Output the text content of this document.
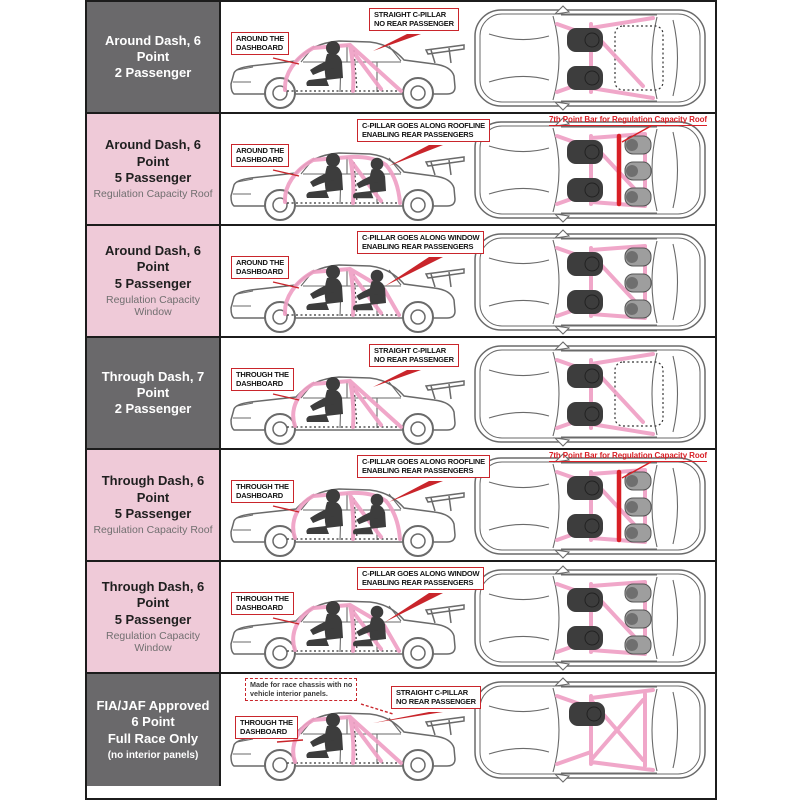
Around Dash, 6 Point
2 Passenger
AROUND THE
DASHBOARD
STRAIGHT C-PILLAR
NO REAR PASSENGER
Around Dash, 6 Point
5 Passenger
Regulation Capacity Roof
AROUND THE
DASHBOARD
C-PILLAR GOES ALONG ROOFLINE
ENABLING REAR PASSENGERS
7th Point Bar for Regulation Capacity Roof
Around Dash, 6 Point
5 Passenger
Regulation Capacity Window
AROUND THE
DASHBOARD
C-PILLAR GOES ALONG WINDOW
ENABLING REAR PASSENGERS
Through Dash, 7 Point
2 Passenger
THROUGH THE
DASHBOARD
STRAIGHT C-PILLAR
NO REAR PASSENGER
Through Dash, 6 Point
5 Passenger
Regulation Capacity Roof
THROUGH THE
DASHBOARD
C-PILLAR GOES ALONG ROOFLINE
ENABLING REAR PASSENGERS
7th Point Bar for Regulation Capacity Roof
Through Dash, 6 Point
5 Passenger
Regulation Capacity Window
THROUGH THE
DASHBOARD
C-PILLAR GOES ALONG WINDOW
ENABLING REAR PASSENGERS
FIA/JAF Approved
6 Point
Full Race Only
(no interior panels)
THROUGH THE
DASHBOARD
STRAIGHT C-PILLAR
NO REAR PASSENGER
Made for race chassis with no
vehicle interior panels.
